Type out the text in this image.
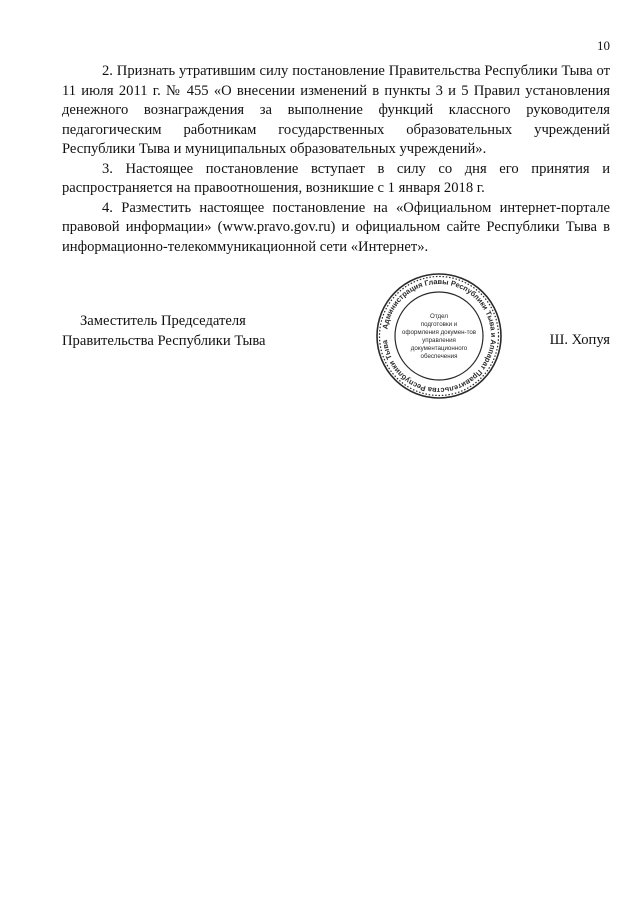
10

2. Признать утратившим силу постановление Правительства Республики Тыва от 11 июля 2011 г. № 455 «О внесении изменений в пункты 3 и 5 Правил установления денежного вознаграждения за выполнение функций классного руководителя педагогическим работникам государственных образовательных учреждений Республики Тыва и муниципальных образовательных учреждений».

3. Настоящее постановление вступает в силу со дня его принятия и распространяется на правоотношения, возникшие с 1 января 2018 г.

4. Разместить настоящее постановление на «Официальном интернет-портале правовой информации» (www.pravo.gov.ru) и официальном сайте Республики Тыва в информационно-телекоммуникационной сети «Интернет».

Заместитель Председателя
Правительства Республики Тыва	Ш. Хопуя
Администрация Главы Республики Тыва и Аппарат Правительства Республики Тыва
Отдел
подготовки и
оформления докумен-тов
управления
документационного
обеспечения
